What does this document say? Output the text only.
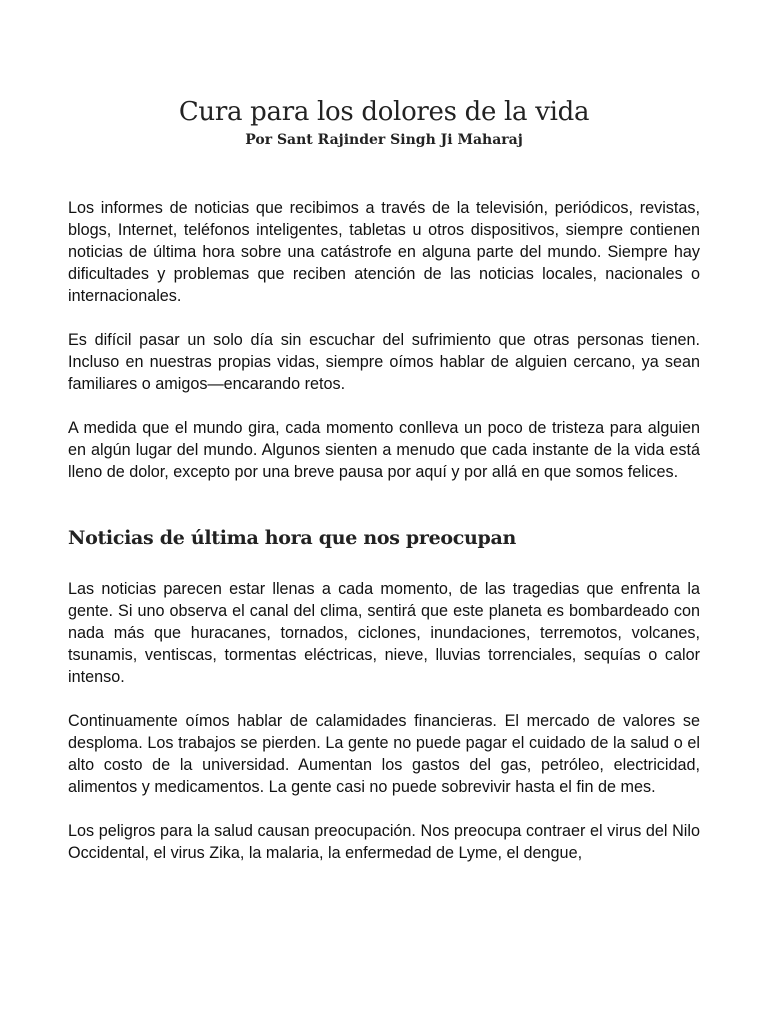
Cura para los dolores de la vida
Por Sant Rajinder Singh Ji Maharaj

Los informes de noticias que recibimos a través de la televisión, periódicos, revistas, blogs, Internet, teléfonos inteligentes, tabletas u otros dispositivos, siempre contienen noticias de última hora sobre una catástrofe en alguna parte del mundo. Siempre hay dificultades y problemas que reciben atención de las noticias locales, nacionales o internacionales.

Es difícil pasar un solo día sin escuchar del sufrimiento que otras personas tienen. Incluso en nuestras propias vidas, siempre oímos hablar de alguien cercano, ya sean familiares o amigos—encarando retos.

A medida que el mundo gira, cada momento conlleva un poco de tristeza para alguien en algún lugar del mundo. Algunos sienten a menudo que cada instante de la vida está lleno de dolor, excepto por una breve pausa por aquí y por allá en que somos felices.

Noticias de última hora que nos preocupan

Las noticias parecen estar llenas a cada momento, de las tragedias que enfrenta la gente. Si uno observa el canal del clima, sentirá que este planeta es bombardeado con nada más que huracanes, tornados, ciclones, inundaciones, terremotos, volcanes, tsunamis, ventiscas, tormentas eléctricas, nieve, lluvias torrenciales, sequías o calor intenso.

Continuamente oímos hablar de calamidades financieras. El mercado de valores se desploma. Los trabajos se pierden. La gente no puede pagar el cuidado de la salud o el alto costo de la universidad. Aumentan los gastos del gas, petróleo, electricidad, alimentos y medicamentos. La gente casi no puede sobrevivir hasta el fin de mes.

Los peligros para la salud causan preocupación. Nos preocupa contraer el virus del Nilo Occidental, el virus Zika, la malaria, la enfermedad de Lyme, el dengue,
